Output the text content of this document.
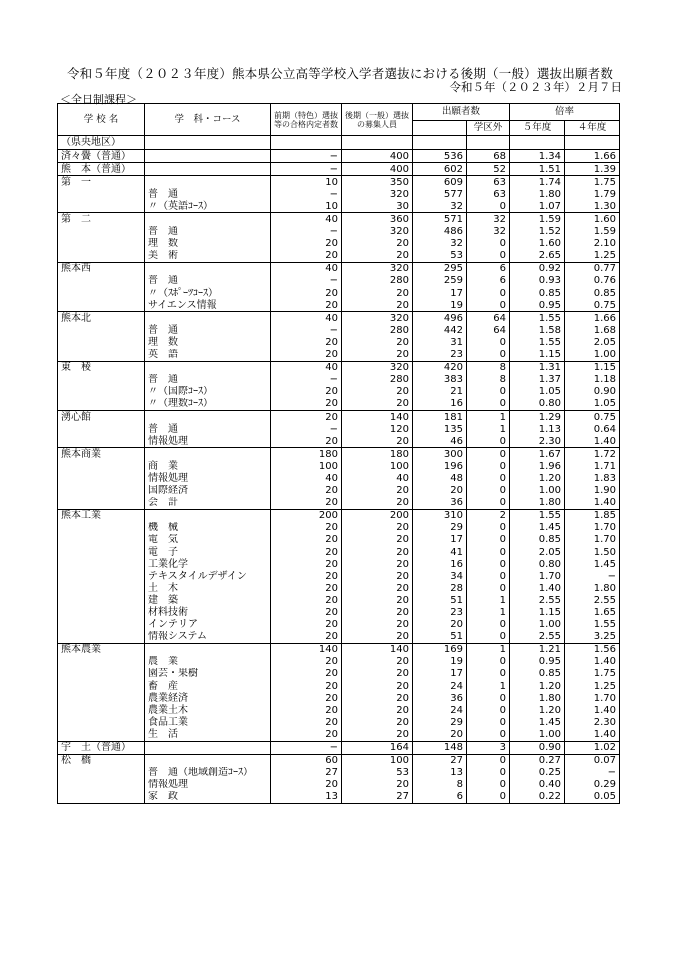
令和５年度（２０２３年度）熊本県公立高等学校入学者選抜における後期（一般）選抜出願者数
令和５年（２０２３年）２月７日
＜全日制課程＞
学 校 名	学　科・コース	前期（特色）選抜等の合格内定者数	後期（一般）選抜の募集人員	出願者数		倍率	
					学区外	５年度	４年度
（県央地区）							
済々黌（普通）		−	400	536	68	1.34	1.66
熊　本（普通）		−	400	602	52	1.51	1.39
第　一		10	350	609	63	1.74	1.75
	普　通	−	320	577	63	1.80	1.79
	〃（英語ｺｰｽ）	10	30	32	0	1.07	1.30
第　二		40	360	571	32	1.59	1.60
	普　通	−	320	486	32	1.52	1.59
	理　数	20	20	32	0	1.60	2.10
	美　術	20	20	53	0	2.65	1.25
熊本西		40	320	295	6	0.92	0.77
	普　通	−	280	259	6	0.93	0.76
	〃（ｽﾎﾟｰﾂｺｰｽ）	20	20	17	0	0.85	0.85
	サイエンス情報	20	20	19	0	0.95	0.75
熊本北		40	320	496	64	1.55	1.66
	普　通	−	280	442	64	1.58	1.68
	理　数	20	20	31	0	1.55	2.05
	英　語	20	20	23	0	1.15	1.00
東　稜		40	320	420	8	1.31	1.15
	普　通	−	280	383	8	1.37	1.18
	〃（国際ｺｰｽ）	20	20	21	0	1.05	0.90
	〃（理数ｺｰｽ）	20	20	16	0	0.80	1.05
湧心館		20	140	181	1	1.29	0.75
	普　通	−	120	135	1	1.13	0.64
	情報処理	20	20	46	0	2.30	1.40
熊本商業		180	180	300	0	1.67	1.72
	商　業	100	100	196	0	1.96	1.71
	情報処理	40	40	48	0	1.20	1.83
	国際経済	20	20	20	0	1.00	1.90
	会　計	20	20	36	0	1.80	1.40
熊本工業		200	200	310	2	1.55	1.85
	機　械	20	20	29	0	1.45	1.70
	電　気	20	20	17	0	0.85	1.70
	電　子	20	20	41	0	2.05	1.50
	工業化学	20	20	16	0	0.80	1.45
	テキスタイルデザイン	20	20	34	0	1.70	−
	土　木	20	20	28	0	1.40	1.80
	建　築	20	20	51	1	2.55	2.55
	材料技術	20	20	23	1	1.15	1.65
	インテリア	20	20	20	0	1.00	1.55
	情報システム	20	20	51	0	2.55	3.25
熊本農業		140	140	169	1	1.21	1.56
	農　業	20	20	19	0	0.95	1.40
	園芸・果樹	20	20	17	0	0.85	1.75
	畜　産	20	20	24	1	1.20	1.25
	農業経済	20	20	36	0	1.80	1.70
	農業土木	20	20	24	0	1.20	1.40
	食品工業	20	20	29	0	1.45	2.30
	生　活	20	20	20	0	1.00	1.40
宇　土（普通）		−	164	148	3	0.90	1.02
松　橋		60	100	27	0	0.27	0.07
	普　通（地域創造ｺｰｽ）	27	53	13	0	0.25	−
	情報処理	20	20	8	0	0.40	0.29
	家　政	13	27	6	0	0.22	0.05
